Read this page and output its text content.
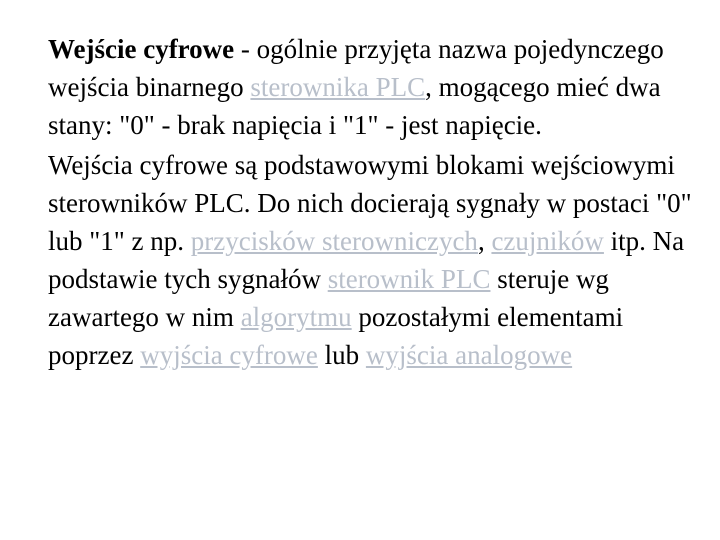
Wejście cyfrowe - ogólnie przyjęta nazwa pojedynczego wejścia binarnego sterownika PLC, mogącego mieć dwa stany: "0" - brak napięcia i "1" - jest napięcie.

Wejścia cyfrowe są podstawowymi blokami wejściowymi sterowników PLC. Do nich docierają sygnały w postaci "0" lub "1" z np. przycisków sterowniczych, czujników itp. Na podstawie tych sygnałów sterownik PLC steruje wg zawartego w nim algorytmu pozostałymi elementami poprzez wyjścia cyfrowe lub wyjścia analogowe
